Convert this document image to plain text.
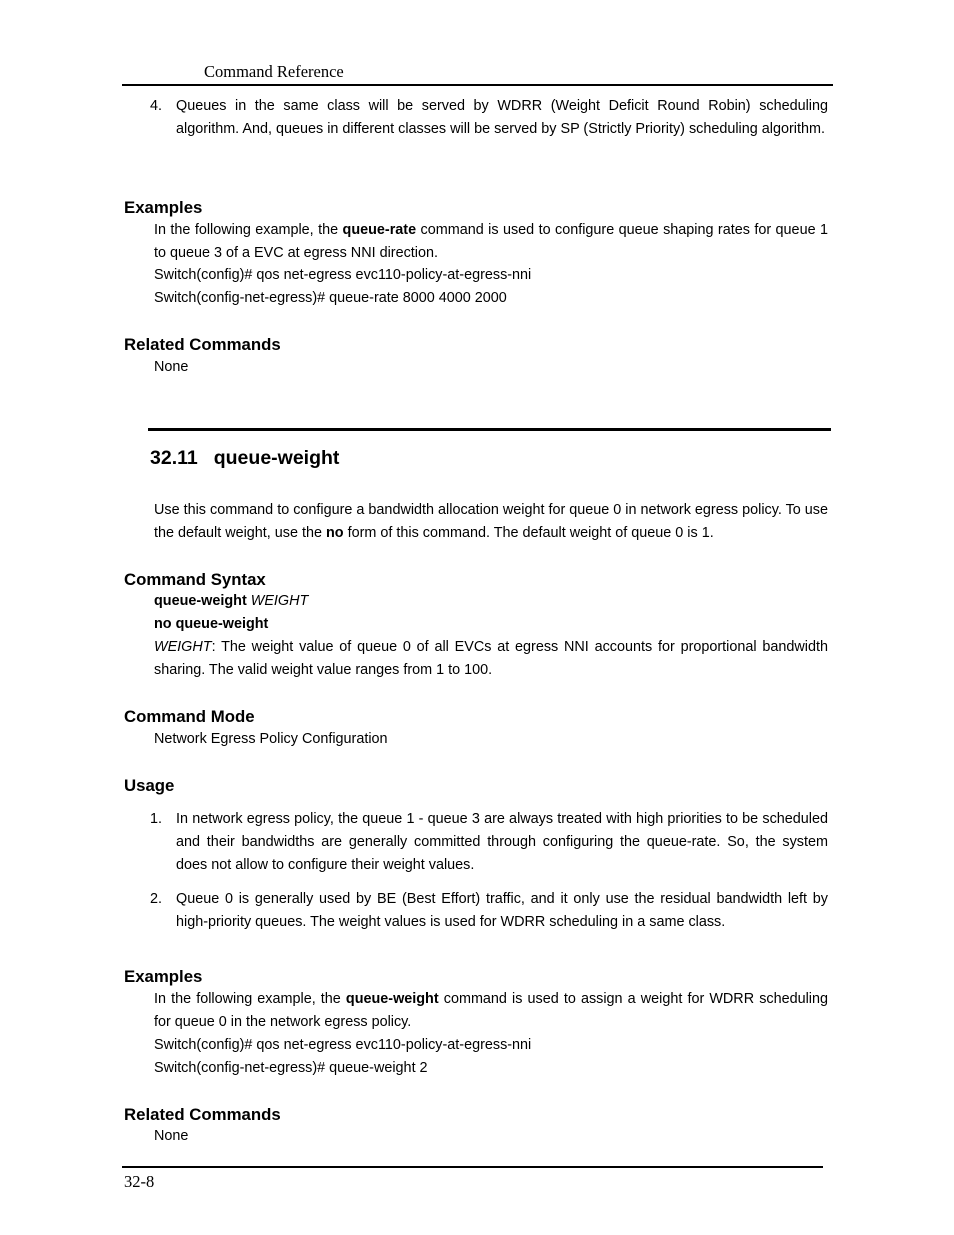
Command Reference
4. Queues in the same class will be served by WDRR (Weight Deficit Round Robin) scheduling algorithm. And, queues in different classes will be served by SP (Strictly Priority) scheduling algorithm.
Examples
In the following example, the queue-rate command is used to configure queue shaping rates for queue 1 to queue 3 of a EVC at egress NNI direction.
Switch(config)# qos net-egress evc110-policy-at-egress-nni
Switch(config-net-egress)# queue-rate 8000 4000 2000
Related Commands
None
32.11 queue-weight
Use this command to configure a bandwidth allocation weight for queue 0 in network egress policy. To use the default weight, use the no form of this command. The default weight of queue 0 is 1.
Command Syntax
queue-weight WEIGHT
no queue-weight
WEIGHT: The weight value of queue 0 of all EVCs at egress NNI accounts for proportional bandwidth sharing. The valid weight value ranges from 1 to 100.
Command Mode
Network Egress Policy Configuration
Usage
1. In network egress policy, the queue 1 - queue 3 are always treated with high priorities to be scheduled and their bandwidths are generally committed through configuring the queue-rate. So, the system does not allow to configure their weight values.
2. Queue 0 is generally used by BE (Best Effort) traffic, and it only use the residual bandwidth left by high-priority queues. The weight values is used for WDRR scheduling in a same class.
Examples
In the following example, the queue-weight command is used to assign a weight for WDRR scheduling for queue 0 in the network egress policy.
Switch(config)# qos net-egress evc110-policy-at-egress-nni
Switch(config-net-egress)# queue-weight 2
Related Commands
None
32-8
